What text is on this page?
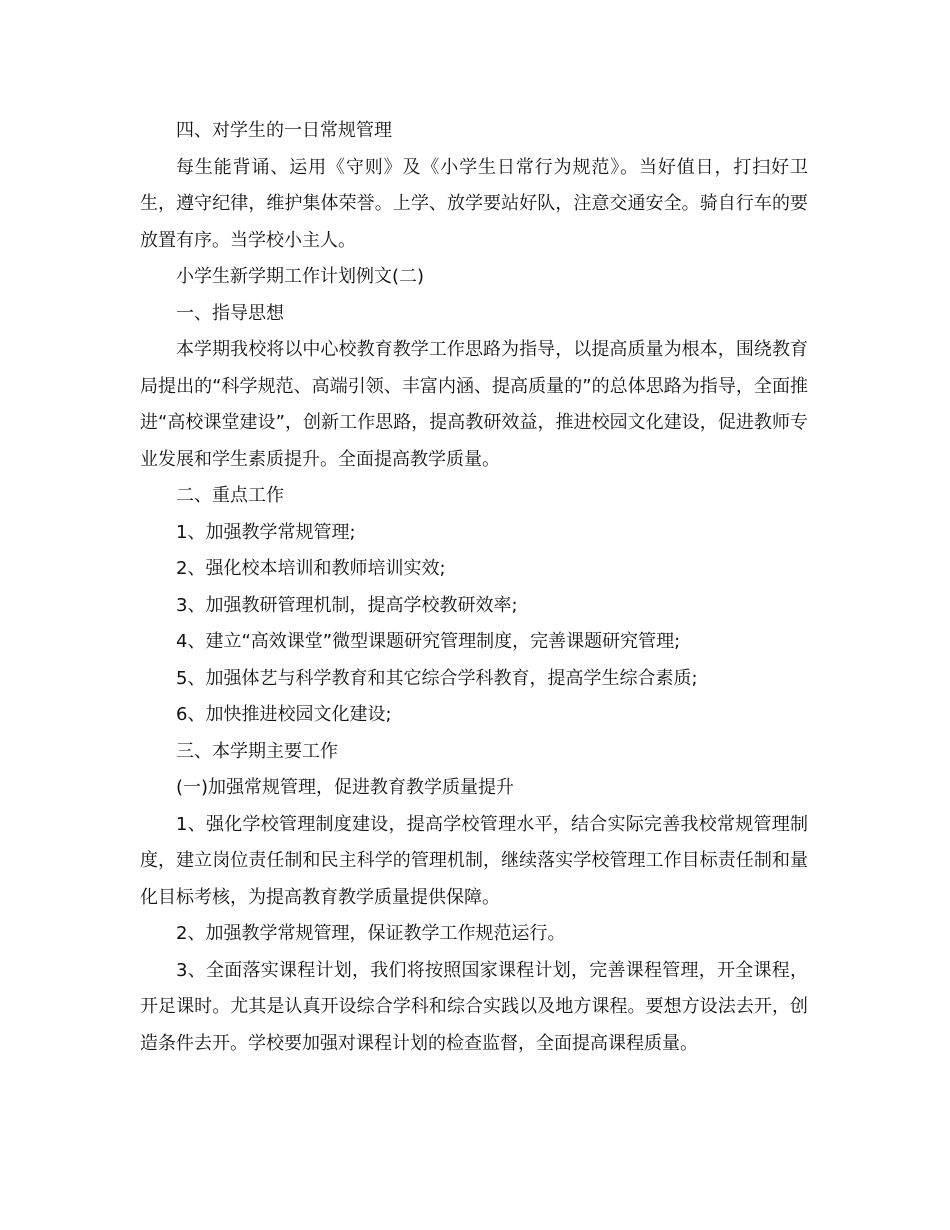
四、对学生的一日常规管理

每生能背诵、运用《守则》及《小学生日常行为规范》。当好值日，打扫好卫生，遵守纪律，维护集体荣誉。上学、放学要站好队，注意交通安全。骑自行车的要放置有序。当学校小主人。

小学生新学期工作计划例文(二)

一、指导思想

本学期我校将以中心校教育教学工作思路为指导，以提高质量为根本，围绕教育局提出的“科学规范、高端引领、丰富内涵、提高质量的”的总体思路为指导，全面推进“高校课堂建设”，创新工作思路，提高教研效益，推进校园文化建设，促进教师专业发展和学生素质提升。全面提高教学质量。

二、重点工作

1、加强教学常规管理;

2、强化校本培训和教师培训实效;

3、加强教研管理机制，提高学校教研效率;

4、建立“高效课堂”微型课题研究管理制度，完善课题研究管理;

5、加强体艺与科学教育和其它综合学科教育，提高学生综合素质;

6、加快推进校园文化建设;

三、本学期主要工作

(一)加强常规管理，促进教育教学质量提升

1、强化学校管理制度建设，提高学校管理水平，结合实际完善我校常规管理制度，建立岗位责任制和民主科学的管理机制，继续落实学校管理工作目标责任制和量化目标考核，为提高教育教学质量提供保障。

2、加强教学常规管理，保证教学工作规范运行。

3、全面落实课程计划，我们将按照国家课程计划，完善课程管理，开全课程，开足课时。尤其是认真开设综合学科和综合实践以及地方课程。要想方设法去开，创造条件去开。学校要加强对课程计划的检查监督，全面提高课程质量。
